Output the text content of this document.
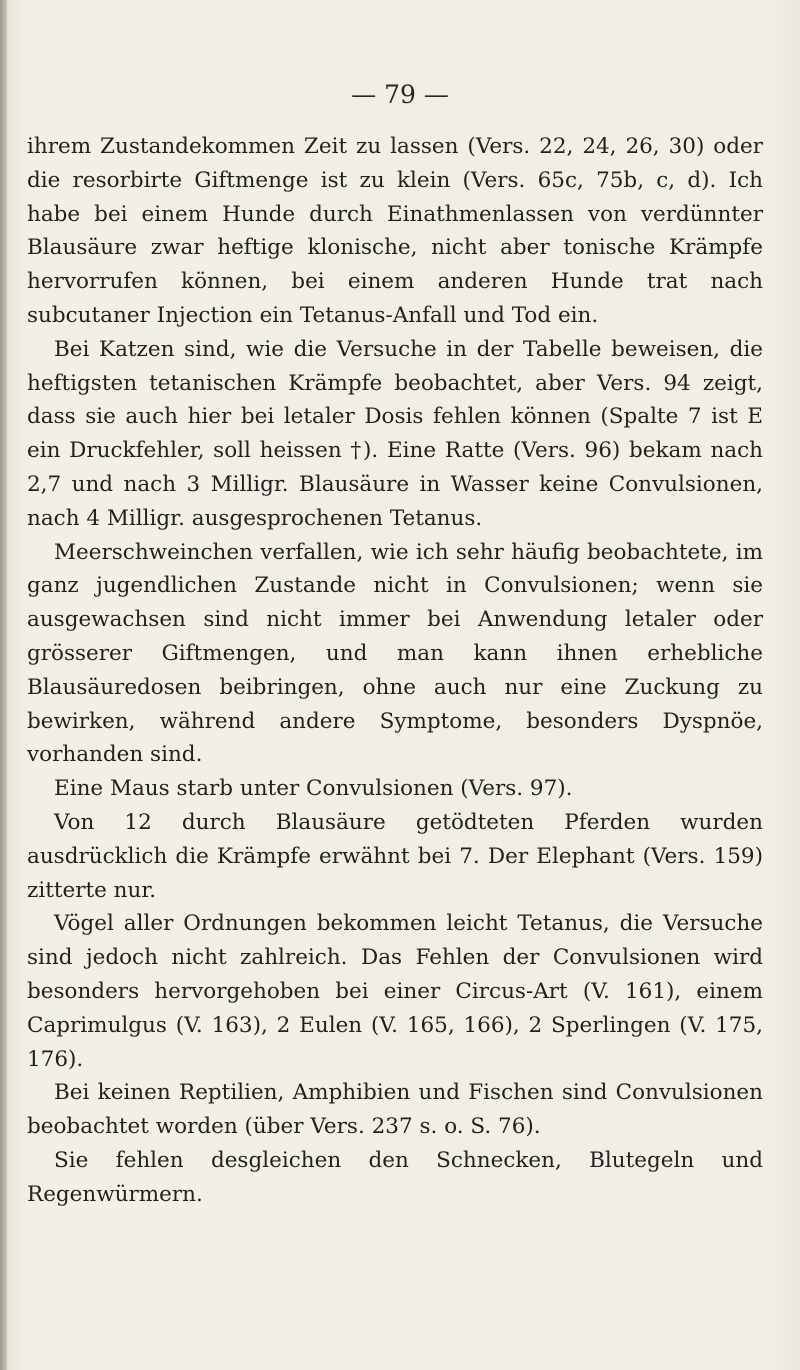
— 79 —

ihrem Zustandekommen Zeit zu lassen (Vers. 22, 24, 26, 30) oder die resorbirte Giftmenge ist zu klein (Vers. 65c, 75b, c, d). Ich habe bei einem Hunde durch Einathmenlassen von verdünnter Blausäure zwar heftige klonische, nicht aber tonische Krämpfe hervorrufen können, bei einem anderen Hunde trat nach subcutaner Injection ein Tetanus-Anfall und Tod ein.

Bei Katzen sind, wie die Versuche in der Tabelle beweisen, die heftigsten tetanischen Krämpfe beobachtet, aber Vers. 94 zeigt, dass sie auch hier bei letaler Dosis fehlen können (Spalte 7 ist E ein Druckfehler, soll heissen †). Eine Ratte (Vers. 96) bekam nach 2,7 und nach 3 Milligr. Blausäure in Wasser keine Convulsionen, nach 4 Milligr. ausgesprochenen Tetanus.

Meerschweinchen verfallen, wie ich sehr häufig beobachtete, im ganz jugendlichen Zustande nicht in Convulsionen; wenn sie ausgewachsen sind nicht immer bei Anwendung letaler oder grösserer Giftmengen, und man kann ihnen erhebliche Blausäuredosen beibringen, ohne auch nur eine Zuckung zu bewirken, während andere Symptome, besonders Dyspnöe, vorhanden sind.

Eine Maus starb unter Convulsionen (Vers. 97).

Von 12 durch Blausäure getödteten Pferden wurden ausdrücklich die Krämpfe erwähnt bei 7. Der Elephant (Vers. 159) zitterte nur.

Vögel aller Ordnungen bekommen leicht Tetanus, die Versuche sind jedoch nicht zahlreich. Das Fehlen der Convulsionen wird besonders hervorgehoben bei einer Circus-Art (V. 161), einem Caprimulgus (V. 163), 2 Eulen (V. 165, 166), 2 Sperlingen (V. 175, 176).

Bei keinen Reptilien, Amphibien und Fischen sind Convulsionen beobachtet worden (über Vers. 237 s. o. S. 76).

Sie fehlen desgleichen den Schnecken, Blutegeln und Regenwürmern.
